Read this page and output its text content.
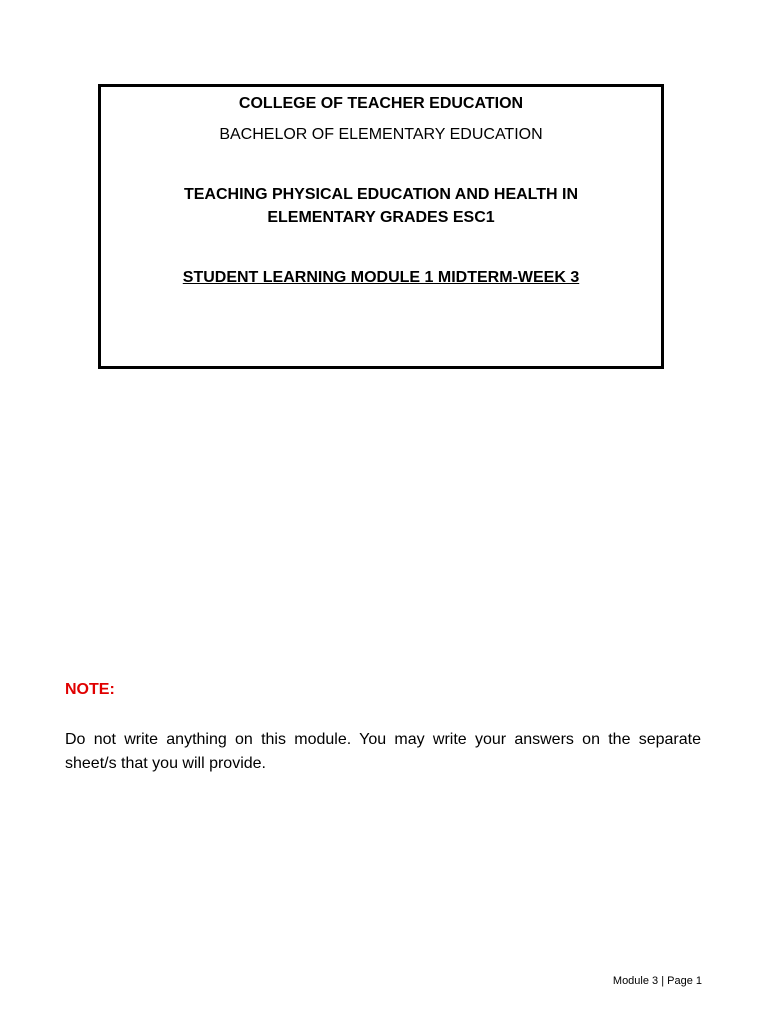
COLLEGE OF TEACHER EDUCATION
BACHELOR OF ELEMENTARY EDUCATION
TEACHING PHYSICAL EDUCATION AND HEALTH IN
ELEMENTARY GRADES ESC1
STUDENT LEARNING MODULE 1 MIDTERM-WEEK 3
NOTE:
Do not write anything on this module. You may write your answers on the separate sheet/s that you will provide.
Module 3 | Page 1
